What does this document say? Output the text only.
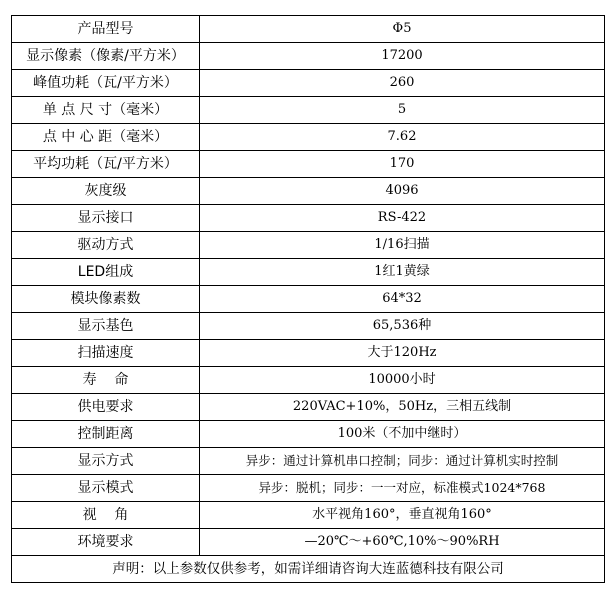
产品型号	Φ5
显示像素（像素/平方米）	17200
峰值功耗（瓦/平方米）	260
单 点 尺 寸（毫米）	5
点 中 心 距（毫米）	7.62
平均功耗（瓦/平方米）	170
灰度级	4096
显示接口	RS-422
驱动方式	1/16扫描
LED组成	1红1黄绿
模块像素数	64*32
显示基色	65,536种
扫描速度	大于120Hz
寿    命	10000小时
供电要求	220VAC+10%，50Hz，三相五线制
控制距离	100米（不加中继时）
显示方式	异步：通过计算机串口控制；同步：通过计算机实时控制
显示模式	异步：脱机；同步：一一对应，标准模式1024*768
视    角	水平视角160°，垂直视角160°
环境要求	—20℃～+60℃,10%～90%RH
声明：以上参数仅供参考，如需详细请咨询大连蓝德科技有限公司	
